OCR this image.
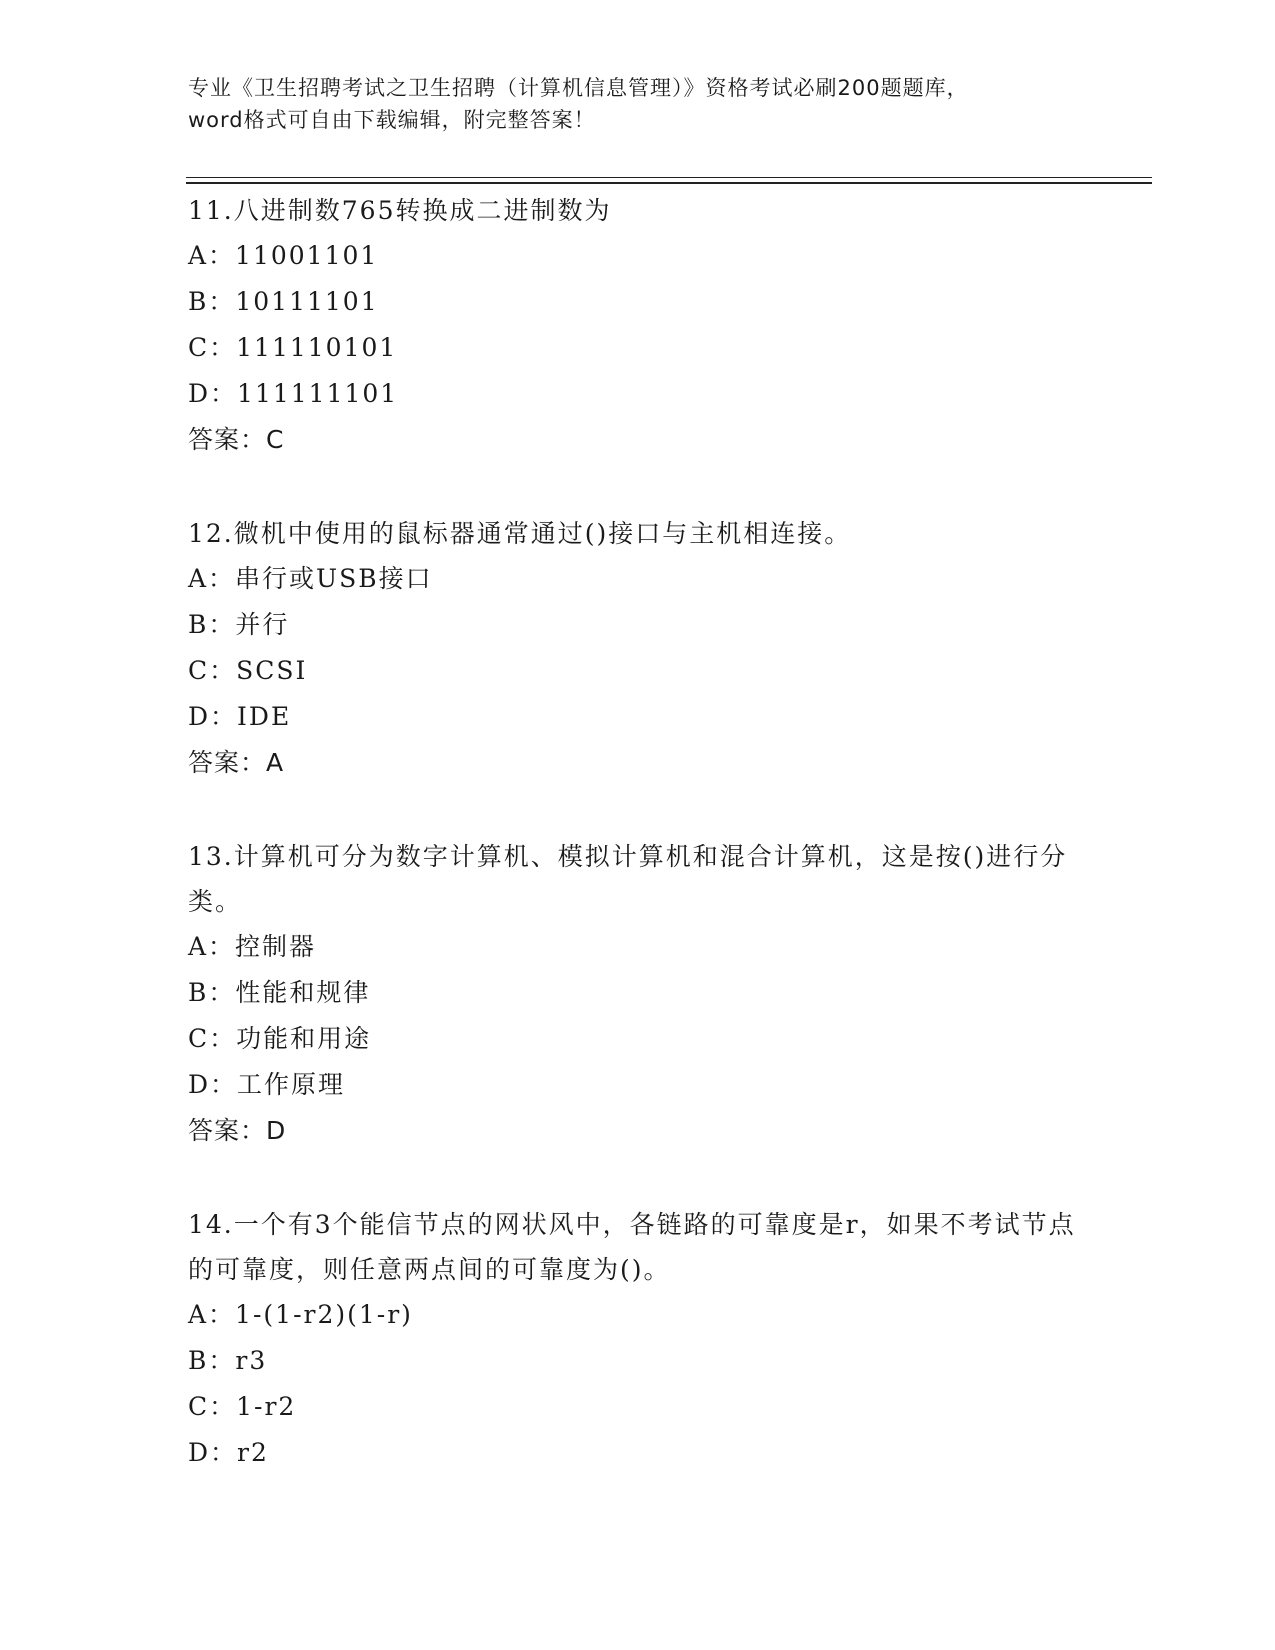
专业《卫生招聘考试之卫生招聘（计算机信息管理）》资格考试必刷200题题库，
word格式可自由下载编辑，附完整答案！
11.八进制数765转换成二进制数为
A：11001101
B：10111101
C：111110101
D：111111101
答案：C
12.微机中使用的鼠标器通常通过()接口与主机相连接。
A：串行或USB接口
B：并行
C：SCSI
D：IDE
答案：A
13.计算机可分为数字计算机、模拟计算机和混合计算机，这是按()进行分类。
A：控制器
B：性能和规律
C：功能和用途
D：工作原理
答案：D
14.一个有3个能信节点的网状风中，各链路的可靠度是r，如果不考试节点的可靠度，则任意两点间的可靠度为()。
A：1-(1-r2)(1-r)
B：r3
C：1-r2
D：r2
